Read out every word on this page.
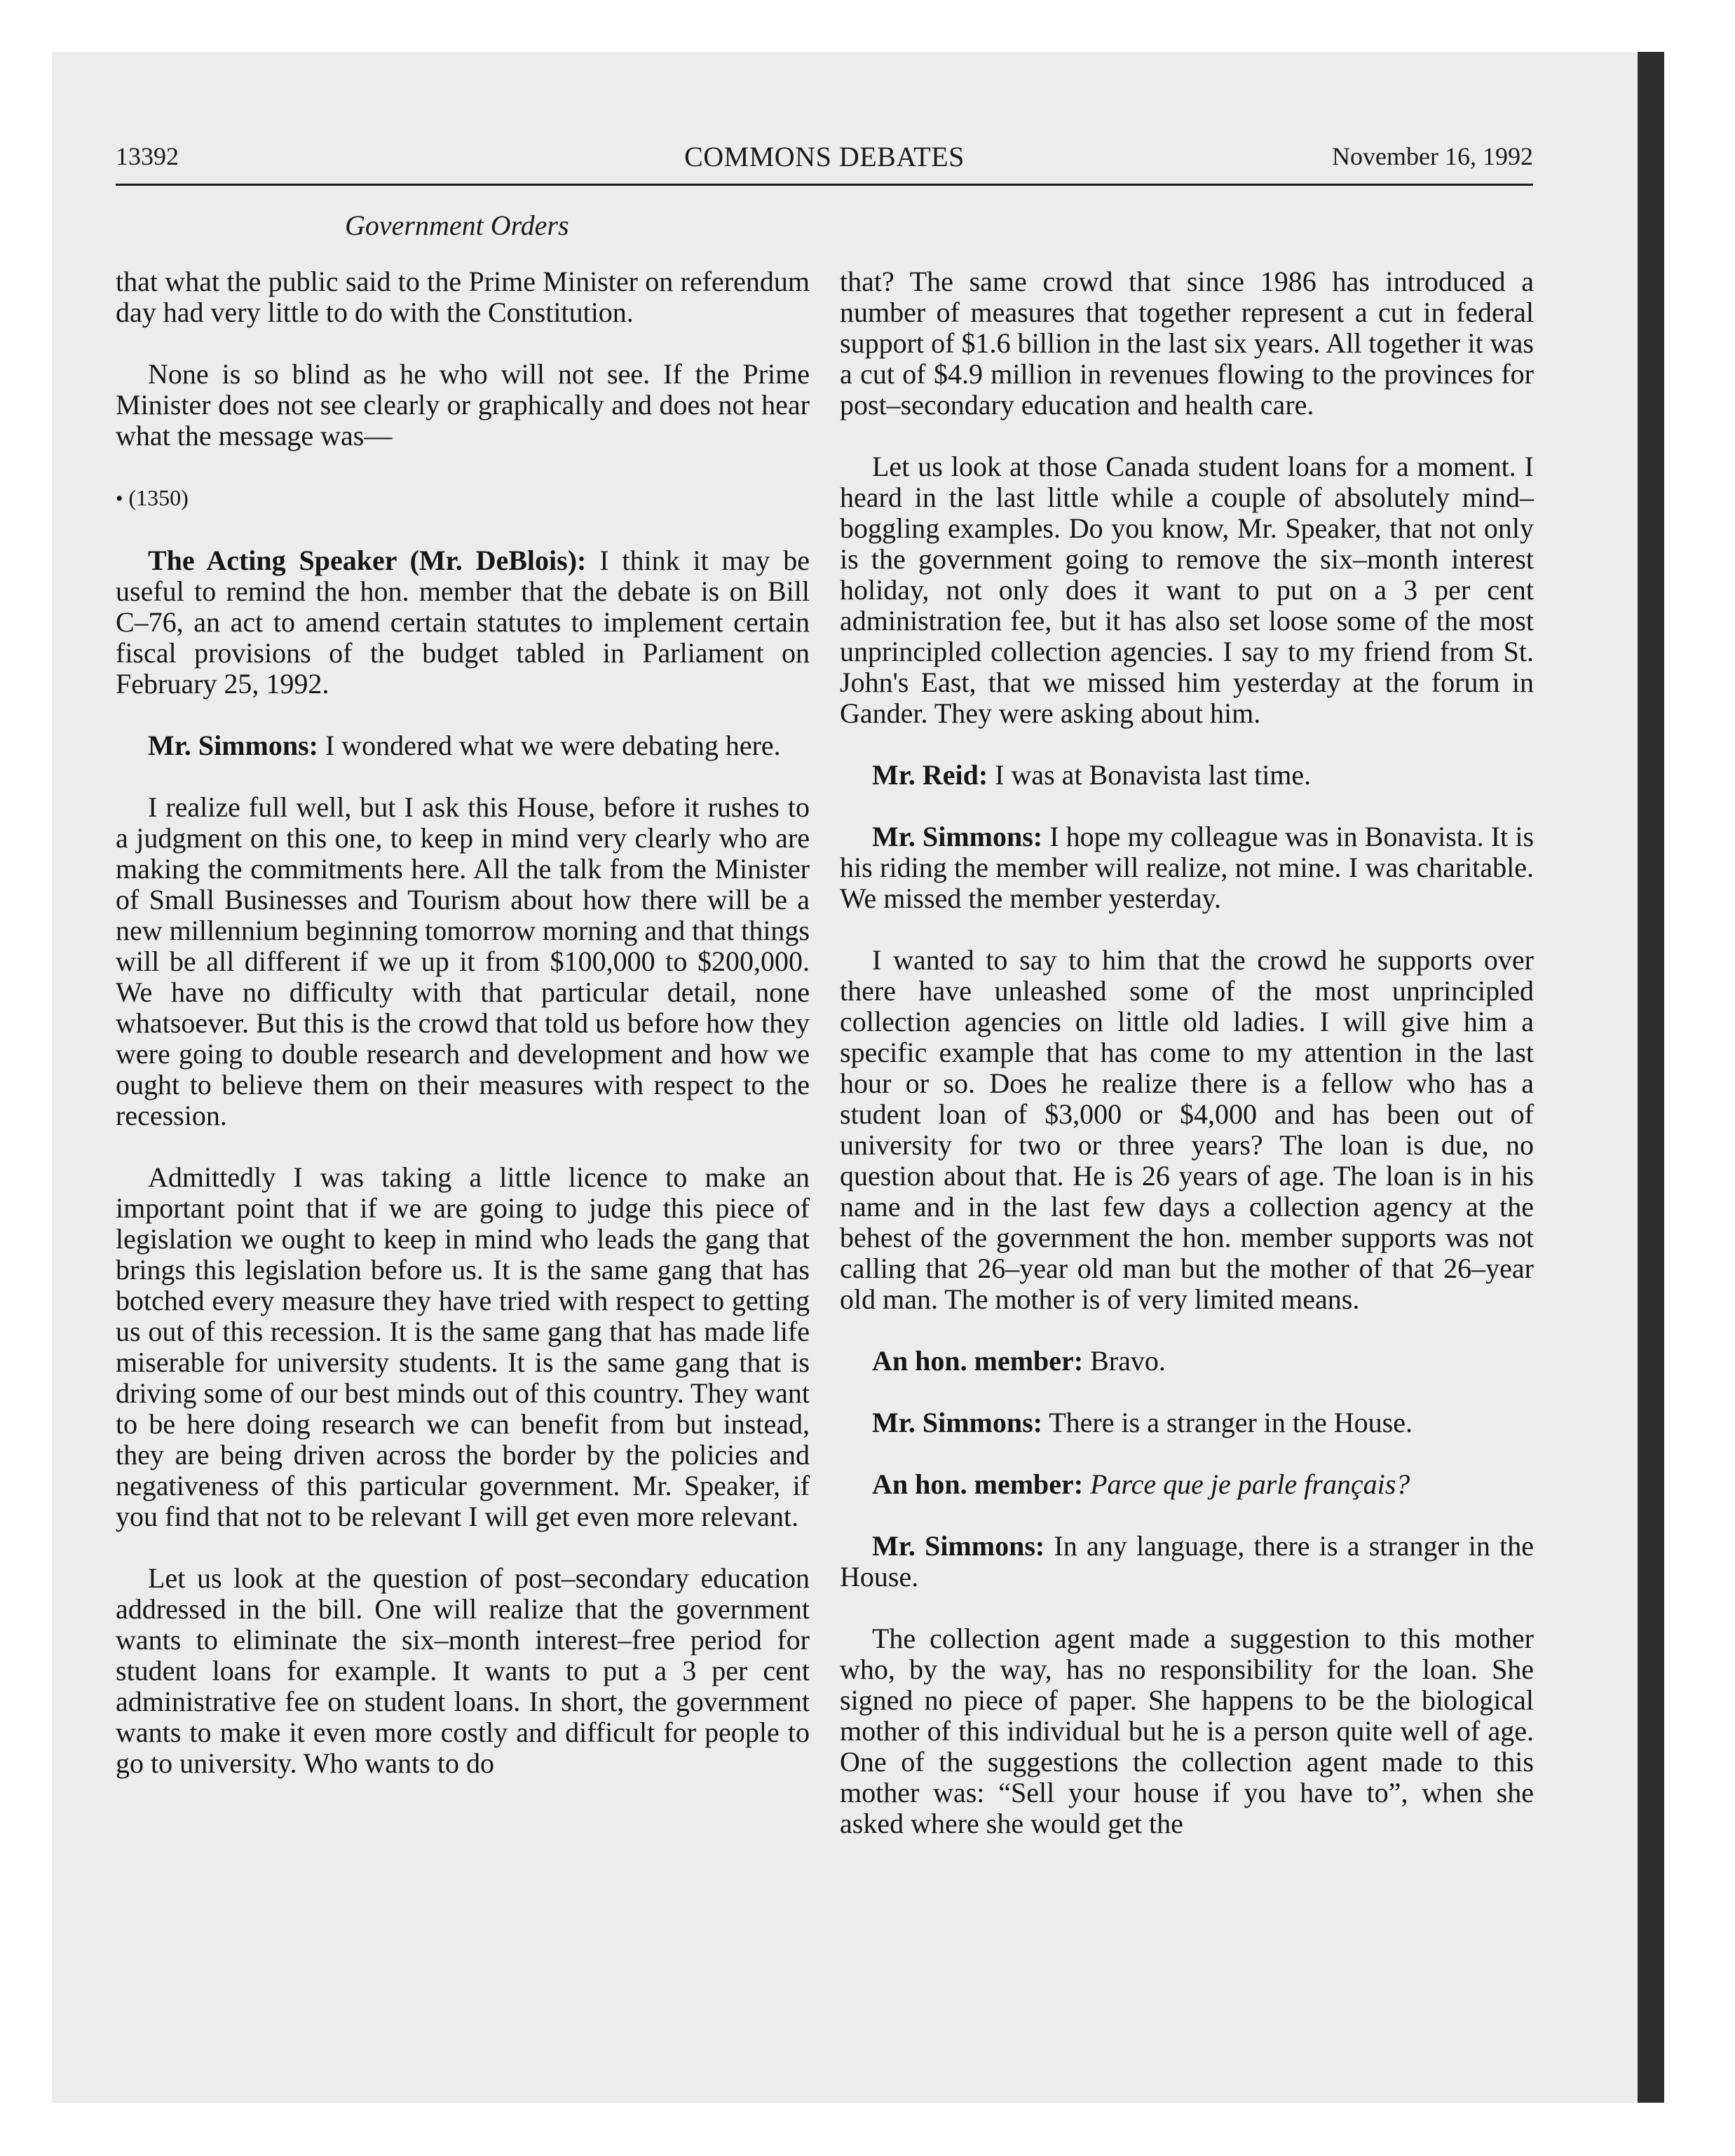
13392	COMMONS DEBATES	November 16, 1992
Government Orders

that what the public said to the Prime Minister on referendum day had very little to do with the Constitution.

None is so blind as he who will not see. If the Prime Minister does not see clearly or graphically and does not hear what the message was—

• (1350)

The Acting Speaker (Mr. DeBlois): I think it may be useful to remind the hon. member that the debate is on Bill C–76, an act to amend certain statutes to implement certain fiscal provisions of the budget tabled in Parliament on February 25, 1992.

Mr. Simmons: I wondered what we were debating here.

I realize full well, but I ask this House, before it rushes to a judgment on this one, to keep in mind very clearly who are making the commitments here. All the talk from the Minister of Small Businesses and Tourism about how there will be a new millennium beginning tomorrow morning and that things will be all different if we up it from $100,000 to $200,000. We have no difficulty with that particular detail, none whatsoever. But this is the crowd that told us before how they were going to double research and development and how we ought to believe them on their measures with respect to the recession.

Admittedly I was taking a little licence to make an important point that if we are going to judge this piece of legislation we ought to keep in mind who leads the gang that brings this legislation before us. It is the same gang that has botched every measure they have tried with respect to getting us out of this recession. It is the same gang that has made life miserable for university students. It is the same gang that is driving some of our best minds out of this country. They want to be here doing research we can benefit from but instead, they are being driven across the border by the policies and negativeness of this particular government. Mr. Speaker, if you find that not to be relevant I will get even more relevant.

Let us look at the question of post–secondary education addressed in the bill. One will realize that the government wants to eliminate the six–month interest–free period for student loans for example. It wants to put a 3 per cent administrative fee on student loans. In short, the government wants to make it even more costly and difficult for people to go to university. Who wants to do

that? The same crowd that since 1986 has introduced a number of measures that together represent a cut in federal support of $1.6 billion in the last six years. All together it was a cut of $4.9 million in revenues flowing to the provinces for post–secondary education and health care.

Let us look at those Canada student loans for a moment. I heard in the last little while a couple of absolutely mind–boggling examples. Do you know, Mr. Speaker, that not only is the government going to remove the six–month interest holiday, not only does it want to put on a 3 per cent administration fee, but it has also set loose some of the most unprincipled collection agencies. I say to my friend from St. John's East, that we missed him yesterday at the forum in Gander. They were asking about him.

Mr. Reid: I was at Bonavista last time.

Mr. Simmons: I hope my colleague was in Bonavista. It is his riding the member will realize, not mine. I was charitable. We missed the member yesterday.

I wanted to say to him that the crowd he supports over there have unleashed some of the most unprincipled collection agencies on little old ladies. I will give him a specific example that has come to my attention in the last hour or so. Does he realize there is a fellow who has a student loan of $3,000 or $4,000 and has been out of university for two or three years? The loan is due, no question about that. He is 26 years of age. The loan is in his name and in the last few days a collection agency at the behest of the government the hon. member supports was not calling that 26–year old man but the mother of that 26–year old man. The mother is of very limited means.

An hon. member: Bravo.

Mr. Simmons: There is a stranger in the House.

An hon. member: Parce que je parle français?

Mr. Simmons: In any language, there is a stranger in the House.

The collection agent made a suggestion to this mother who, by the way, has no responsibility for the loan. She signed no piece of paper. She happens to be the biological mother of this individual but he is a person quite well of age. One of the suggestions the collection agent made to this mother was: “Sell your house if you have to”, when she asked where she would get the
